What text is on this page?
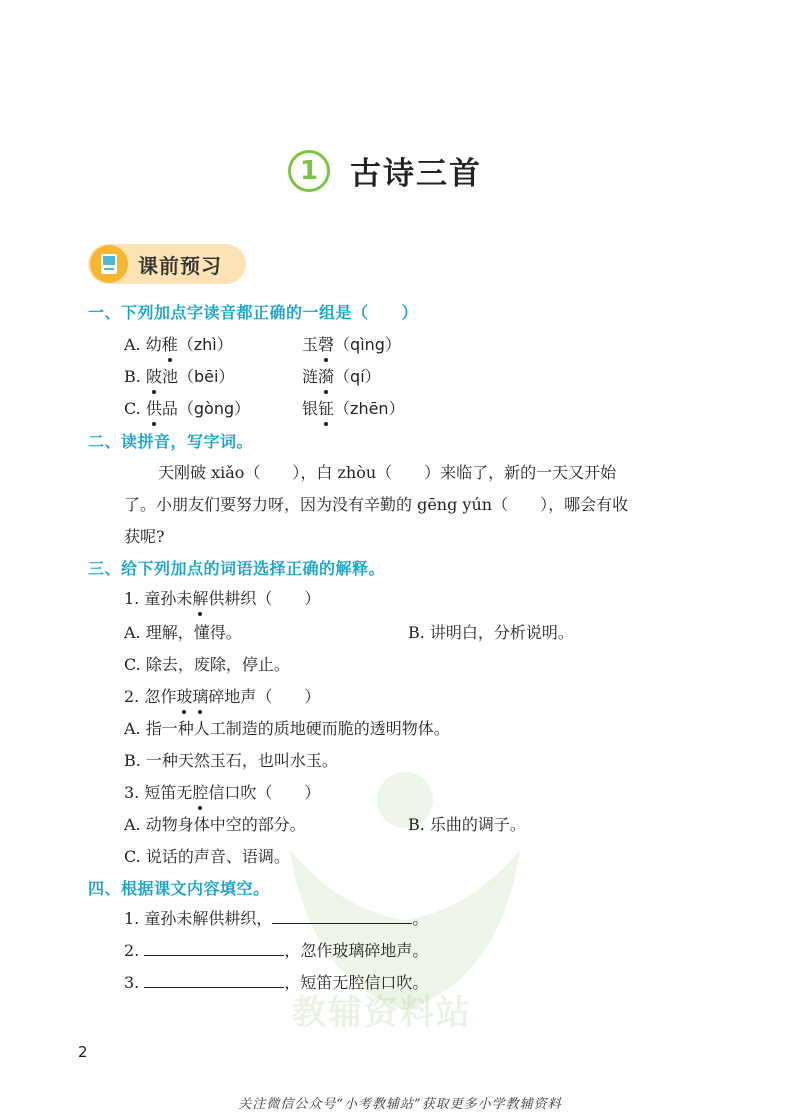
教辅资料站
1	古诗三首
课前预习
一、下列加点字读音都正确的一组是（　　）
A. 幼稚（zhì）	玉磬（qìng）
B. 陂池（bēi）	涟漪（qí）
C. 供品（gòng）	银钲（zhēn）
二、读拼音，写字词。
天刚破 xiǎo（　　），白 zhòu（　　）来临了，新的一天又开始
了。小朋友们要努力呀，因为没有辛勤的 gēng yún（　　），哪会有收
获呢?
三、给下列加点的词语选择正确的解释。
1. 童孙未解供耕织（　　）
A. 理解，懂得。	B. 讲明白，分析说明。
C. 除去，废除，停止。
2. 忽作玻璃碎地声（　　）
A. 指一种人工制造的质地硬而脆的透明物体。
B. 一种天然玉石，也叫水玉。
3. 短笛无腔信口吹（　　）
A. 动物身体中空的部分。	B. 乐曲的调子。
C. 说话的声音、语调。
四、根据课文内容填空。
1. 童孙未解供耕织，	。
2.	，忽作玻璃碎地声。
3.	，短笛无腔信口吹。
2
关注微信公众号“小考教辅站”获取更多小学教辅资料
